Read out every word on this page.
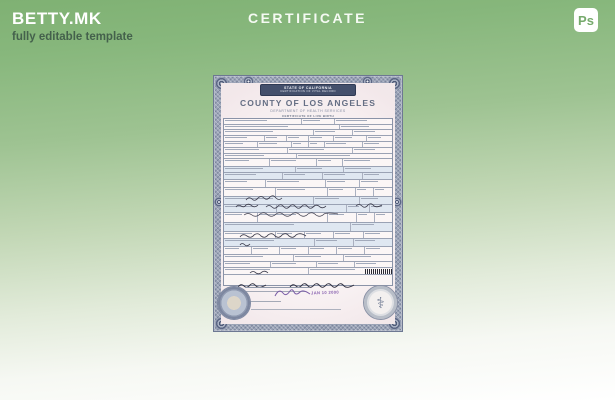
BETTY.MK
fully editable template
CERTIFICATE	Ps
STATE OF CALIFORNIA
CERTIFICATION OF VITAL RECORD
COUNTY OF LOS ANGELES
DEPARTMENT OF HEALTH SERVICES
CERTIFICATE OF LIVE BIRTH
JAN 10 2000
⚕
